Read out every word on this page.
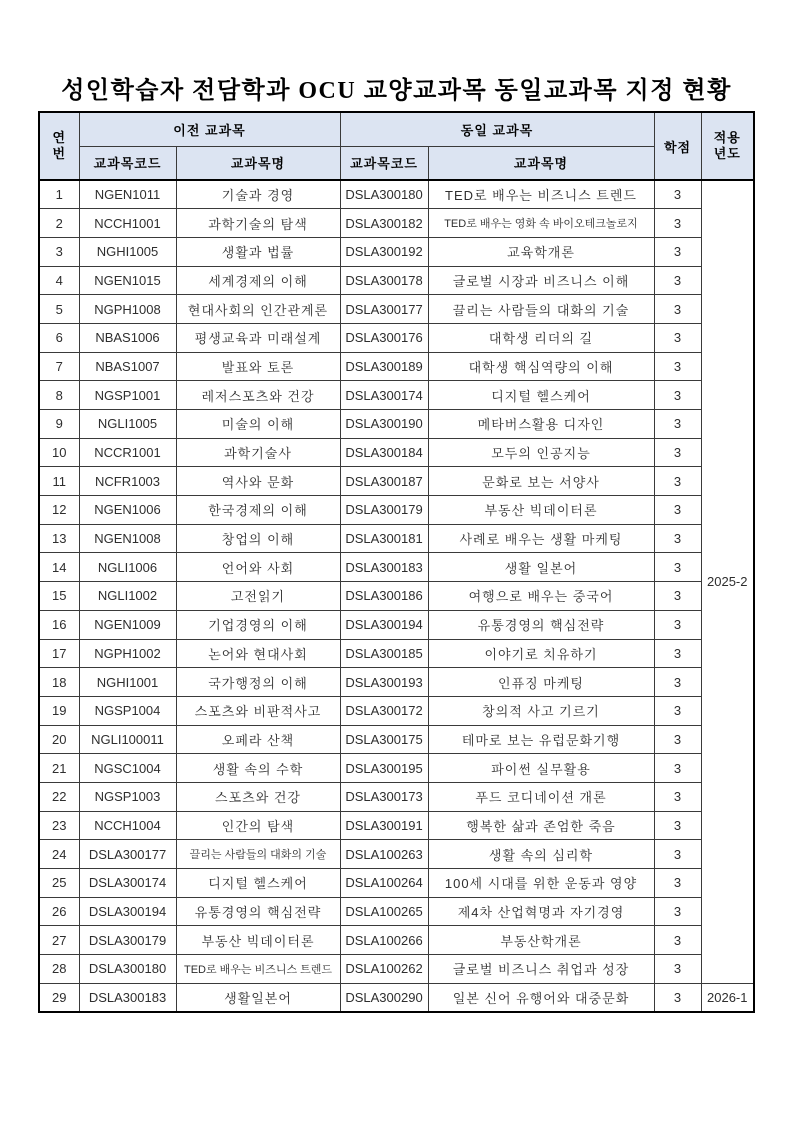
성인학습자 전담학과 OCU 교양교과목 동일교과목 지정 현황
연
번	이전 교과목		동일 교과목		학점	적용
년도
	교과목코드	교과목명	교과목코드	교과목명		
1	NGEN1011	기술과 경영	DSLA300180	TED로 배우는 비즈니스 트렌드	3	2025-2
2	NCCH1001	과학기술의 탐색	DSLA300182	TED로 배우는 영화 속 바이오테크놀로지	3	
3	NGHI1005	생활과 법률	DSLA300192	교육학개론	3	
4	NGEN1015	세계경제의 이해	DSLA300178	글로벌 시장과 비즈니스 이해	3	
5	NGPH1008	현대사회의 인간관계론	DSLA300177	끌리는 사람들의 대화의 기술	3	
6	NBAS1006	평생교육과 미래설계	DSLA300176	대학생 리더의 길	3	
7	NBAS1007	발표와 토론	DSLA300189	대학생 핵심역량의 이해	3	
8	NGSP1001	레저스포츠와 건강	DSLA300174	디지털 헬스케어	3	
9	NGLI1005	미술의 이해	DSLA300190	메타버스활용 디자인	3	
10	NCCR1001	과학기술사	DSLA300184	모두의 인공지능	3	
11	NCFR1003	역사와 문화	DSLA300187	문화로 보는 서양사	3	
12	NGEN1006	한국경제의 이해	DSLA300179	부동산 빅데이터론	3	
13	NGEN1008	창업의 이해	DSLA300181	사례로 배우는 생활 마케팅	3	
14	NGLI1006	언어와 사회	DSLA300183	생활 일본어	3	
15	NGLI1002	고전읽기	DSLA300186	여행으로 배우는 중국어	3	
16	NGEN1009	기업경영의 이해	DSLA300194	유통경영의 핵심전략	3	
17	NGPH1002	논어와 현대사회	DSLA300185	이야기로 치유하기	3	
18	NGHI1001	국가행정의 이해	DSLA300193	인퓨징 마케팅	3	
19	NGSP1004	스포츠와 비판적사고	DSLA300172	창의적 사고 기르기	3	
20	NGLI100011	오페라 산책	DSLA300175	테마로 보는 유럽문화기행	3	
21	NGSC1004	생활 속의 수학	DSLA300195	파이썬 실무활용	3	
22	NGSP1003	스포츠와 건강	DSLA300173	푸드 코디네이션 개론	3	
23	NCCH1004	인간의 탐색	DSLA300191	행복한 삶과 존엄한 죽음	3	
24	DSLA300177	끌리는 사람들의 대화의 기술	DSLA100263	생활 속의 심리학	3	
25	DSLA300174	디지털 헬스케어	DSLA100264	100세 시대를 위한 운동과 영양	3	
26	DSLA300194	유통경영의 핵심전략	DSLA100265	제4차 산업혁명과 자기경영	3	
27	DSLA300179	부동산 빅데이터론	DSLA100266	부동산학개론	3	
28	DSLA300180	TED로 배우는 비즈니스 트렌드	DSLA100262	글로벌 비즈니스 취업과 성장	3	
29	DSLA300183	생활일본어	DSLA300290	일본 신어 유행어와 대중문화	3	2026-1
